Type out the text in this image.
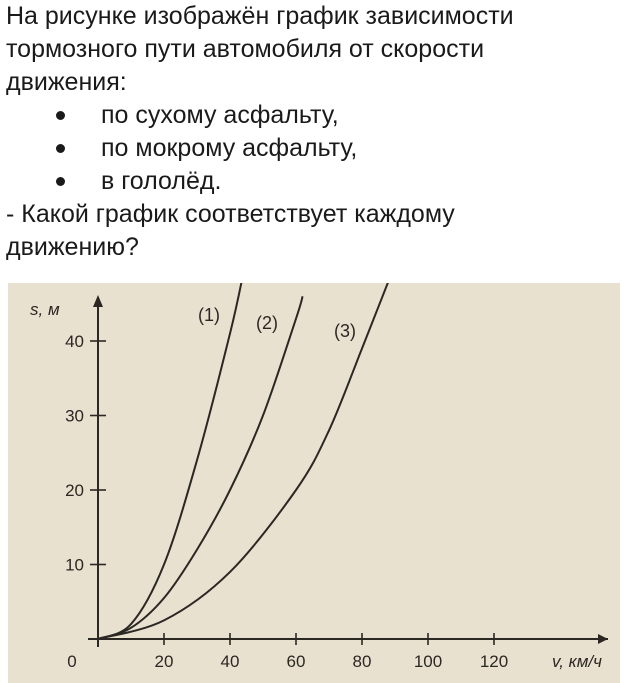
На рисунке изображён график зависимости

тормозного пути автомобиля от скорости

движения:

по сухому асфальту,
по мокрому асфальту,
в гололёд.

- Какой график соответствует каждому

движению?

0	20	40	60	80 100 120
10
20
30
40
s, м
v, км/ч
(1) (2)	(3)
